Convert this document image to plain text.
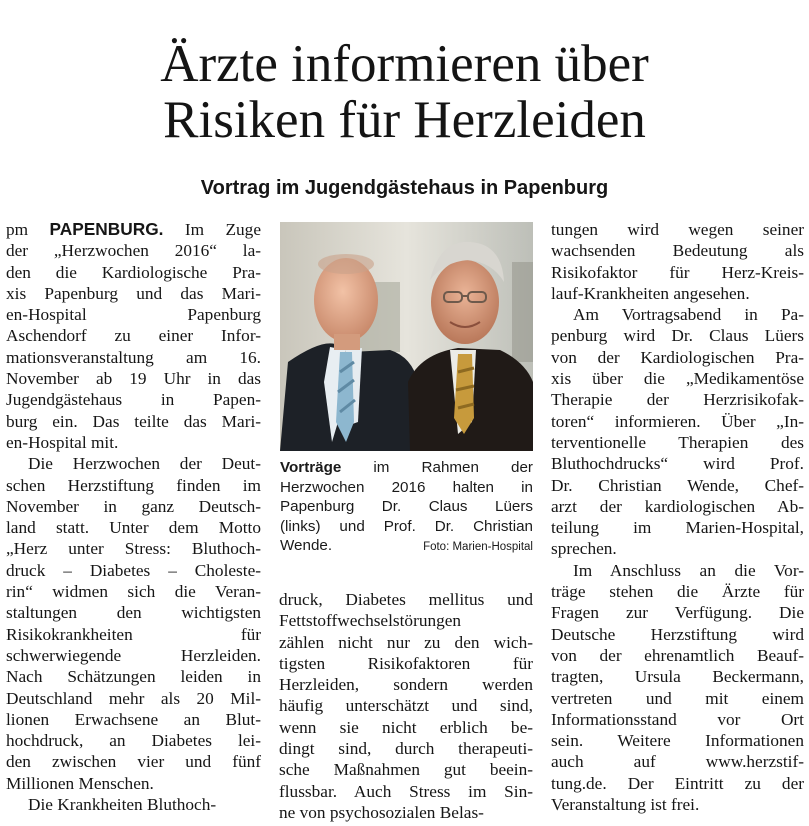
Ärzte informieren über
Risiken für Herzleiden
Vortrag im Jugendgästehaus in Papenburg
pm PAPENBURG. Im Zuge
der „Herzwochen 2016“ la-
den die Kardiologische Pra-
xis Papenburg und das Mari-
en-Hospital Papenburg
Aschendorf zu einer Infor-
mationsveranstaltung am 16.
November ab 19 Uhr in das
Jugendgästehaus in Papen-
burg ein. Das teilte das Mari-
en-Hospital mit.
Die Herzwochen der Deut-
schen Herzstiftung finden im
November in ganz Deutsch-
land statt. Unter dem Motto
„Herz unter Stress: Bluthoch-
druck – Diabetes – Choleste-
rin“ widmen sich die Veran-
staltungen den wichtigsten
Risikokrankheiten für
schwerwiegende Herzleiden.
Nach Schätzungen leiden in
Deutschland mehr als 20 Mil-
lionen Erwachsene an Blut-
hochdruck, an Diabetes lei-
den zwischen vier und fünf
Millionen Menschen.
Die Krankheiten Bluthoch-
Vorträge im Rahmen der
Herzwochen 2016 halten in
Papenburg Dr. Claus Lüers
(links) und Prof. Dr. Christian
Wende.	Foto: Marien-Hospital
druck, Diabetes mellitus und
Fettstoffwechselstörungen
zählen nicht nur zu den wich-
tigsten Risikofaktoren für
Herzleiden, sondern werden
häufig unterschätzt und sind,
wenn sie nicht erblich be-
dingt sind, durch therapeuti-
sche Maßnahmen gut beein-
flussbar. Auch Stress im Sin-
ne von psychosozialen Belas-
tungen wird wegen seiner
wachsenden Bedeutung als
Risikofaktor für Herz-Kreis-
lauf-Krankheiten angesehen.
Am Vortragsabend in Pa-
penburg wird Dr. Claus Lüers
von der Kardiologischen Pra-
xis über die „Medikamentöse
Therapie der Herzrisikofak-
toren“ informieren. Über „In-
terventionelle Therapien des
Bluthochdrucks“ wird Prof.
Dr. Christian Wende, Chef-
arzt der kardiologischen Ab-
teilung im Marien-Hospital,
sprechen.
Im Anschluss an die Vor-
träge stehen die Ärzte für
Fragen zur Verfügung. Die
Deutsche Herzstiftung wird
von der ehrenamtlich Beauf-
tragten, Ursula Beckermann,
vertreten und mit einem
Informationsstand vor Ort
sein. Weitere Informationen
auch auf www.herzstif-
tung.de. Der Eintritt zu der
Veranstaltung ist frei.
